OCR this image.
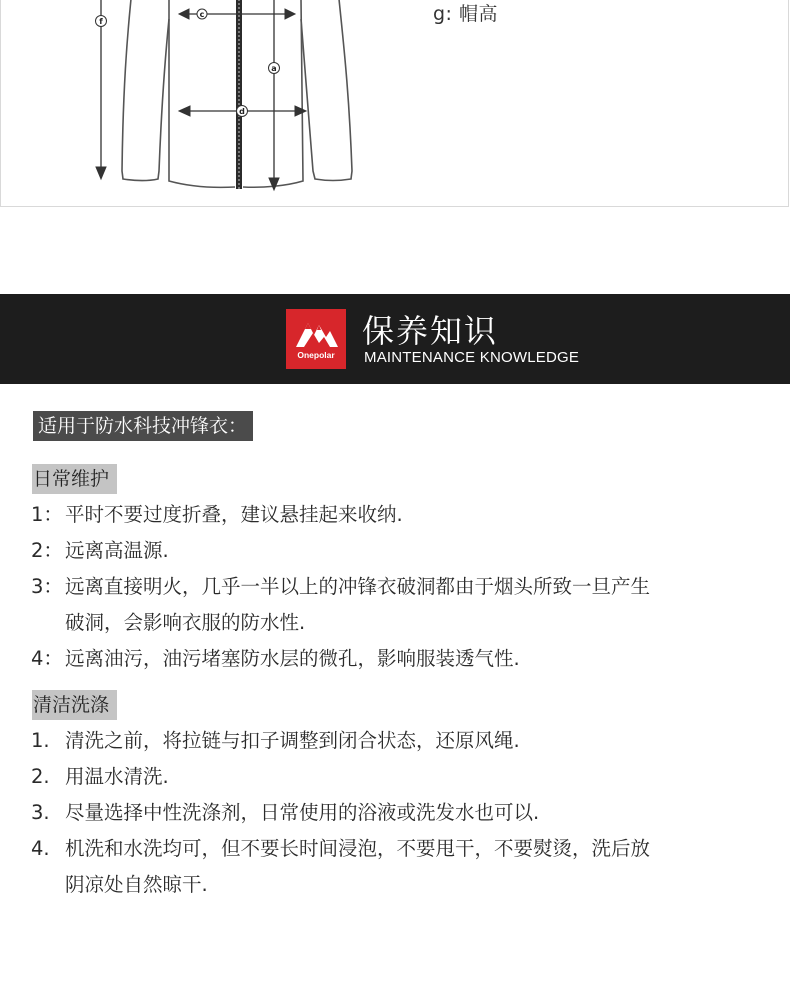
f
c
a
d
g: 帽高
Onepolar
保养知识
MAINTENANCE KNOWLEDGE
适用于防水科技冲锋衣：
日常维护
1： 平时不要过度折叠，建议悬挂起来收纳.
2： 远离高温源.
3： 远离直接明火，几乎一半以上的冲锋衣破洞都由于烟头所致一旦产生
破洞，会影响衣服的防水性.
4： 远离油污，油污堵塞防水层的微孔，影响服装透气性.
清洁洗涤
1. 清洗之前，将拉链与扣子调整到闭合状态，还原风绳.
2. 用温水清洗.
3. 尽量选择中性洗涤剂，日常使用的浴液或洗发水也可以.
4. 机洗和水洗均可，但不要长时间浸泡，不要甩干，不要熨烫，洗后放
阴凉处自然晾干.
